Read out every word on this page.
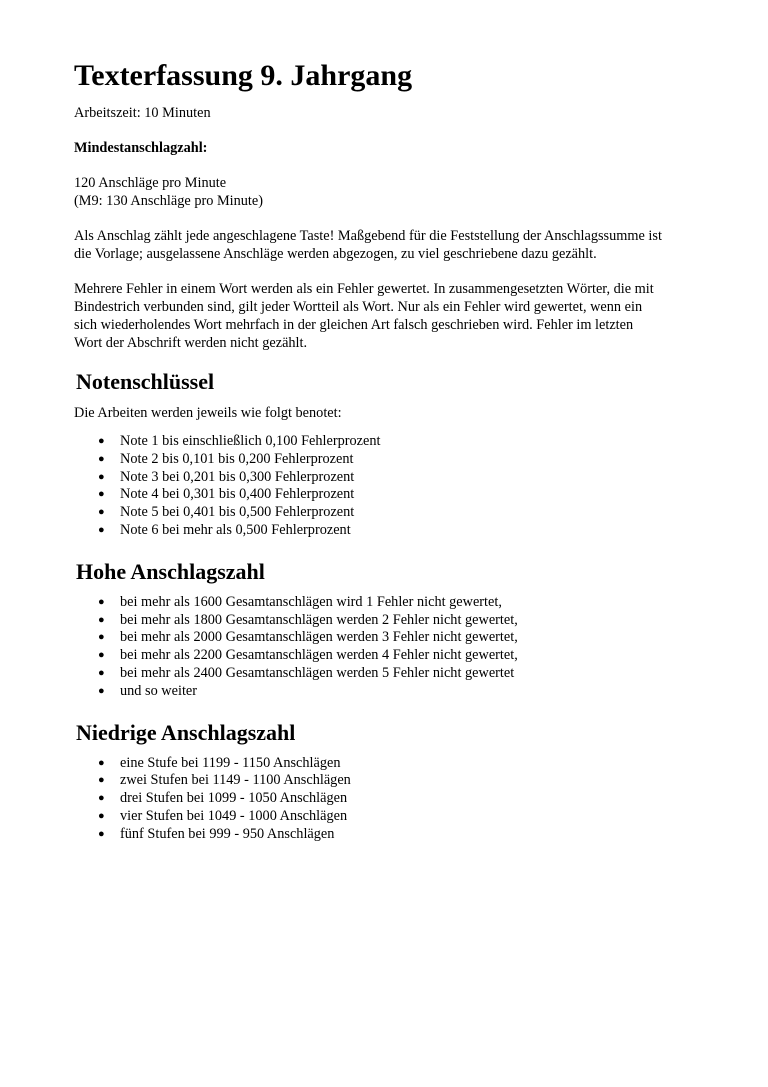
Texterfassung 9. Jahrgang

Arbeitszeit: 10 Minuten

Mindestanschlagzahl:

120 Anschläge pro Minute

(M9: 130 Anschläge pro Minute)

Als Anschlag zählt jede angeschlagene Taste! Maßgebend für die Feststellung der Anschlagssumme ist

die Vorlage; ausgelassene Anschläge werden abgezogen, zu viel geschriebene dazu gezählt.

Mehrere Fehler in einem Wort werden als ein Fehler gewertet. In zusammengesetzten Wörter, die mit

Bindestrich verbunden sind, gilt jeder Wortteil als Wort. Nur als ein Fehler wird gewertet, wenn ein

sich wiederholendes Wort mehrfach in der gleichen Art falsch geschrieben wird. Fehler im letzten

Wort der Abschrift werden nicht gezählt.

Notenschlüssel

Die Arbeiten werden jeweils wie folgt benotet:

● Note 1 bis einschließlich 0,100 Fehlerprozent
● Note 2 bis 0,101 bis 0,200 Fehlerprozent
● Note 3 bei 0,201 bis 0,300 Fehlerprozent
● Note 4 bei 0,301 bis 0,400 Fehlerprozent
● Note 5 bei 0,401 bis 0,500 Fehlerprozent
● Note 6 bei mehr als 0,500 Fehlerprozent
Hohe Anschlagszahl
● bei mehr als 1600 Gesamtanschlägen wird 1 Fehler nicht gewertet,
● bei mehr als 1800 Gesamtanschlägen werden 2 Fehler nicht gewertet,
● bei mehr als 2000 Gesamtanschlägen werden 3 Fehler nicht gewertet,
● bei mehr als 2200 Gesamtanschlägen werden 4 Fehler nicht gewertet,
● bei mehr als 2400 Gesamtanschlägen werden 5 Fehler nicht gewertet
● und so weiter
Niedrige Anschlagszahl
● eine Stufe bei 1199 - 1150 Anschlägen
● zwei Stufen bei 1149 - 1100 Anschlägen
● drei Stufen bei 1099 - 1050 Anschlägen
● vier Stufen bei 1049 - 1000 Anschlägen
● fünf Stufen bei 999 - 950 Anschlägen
